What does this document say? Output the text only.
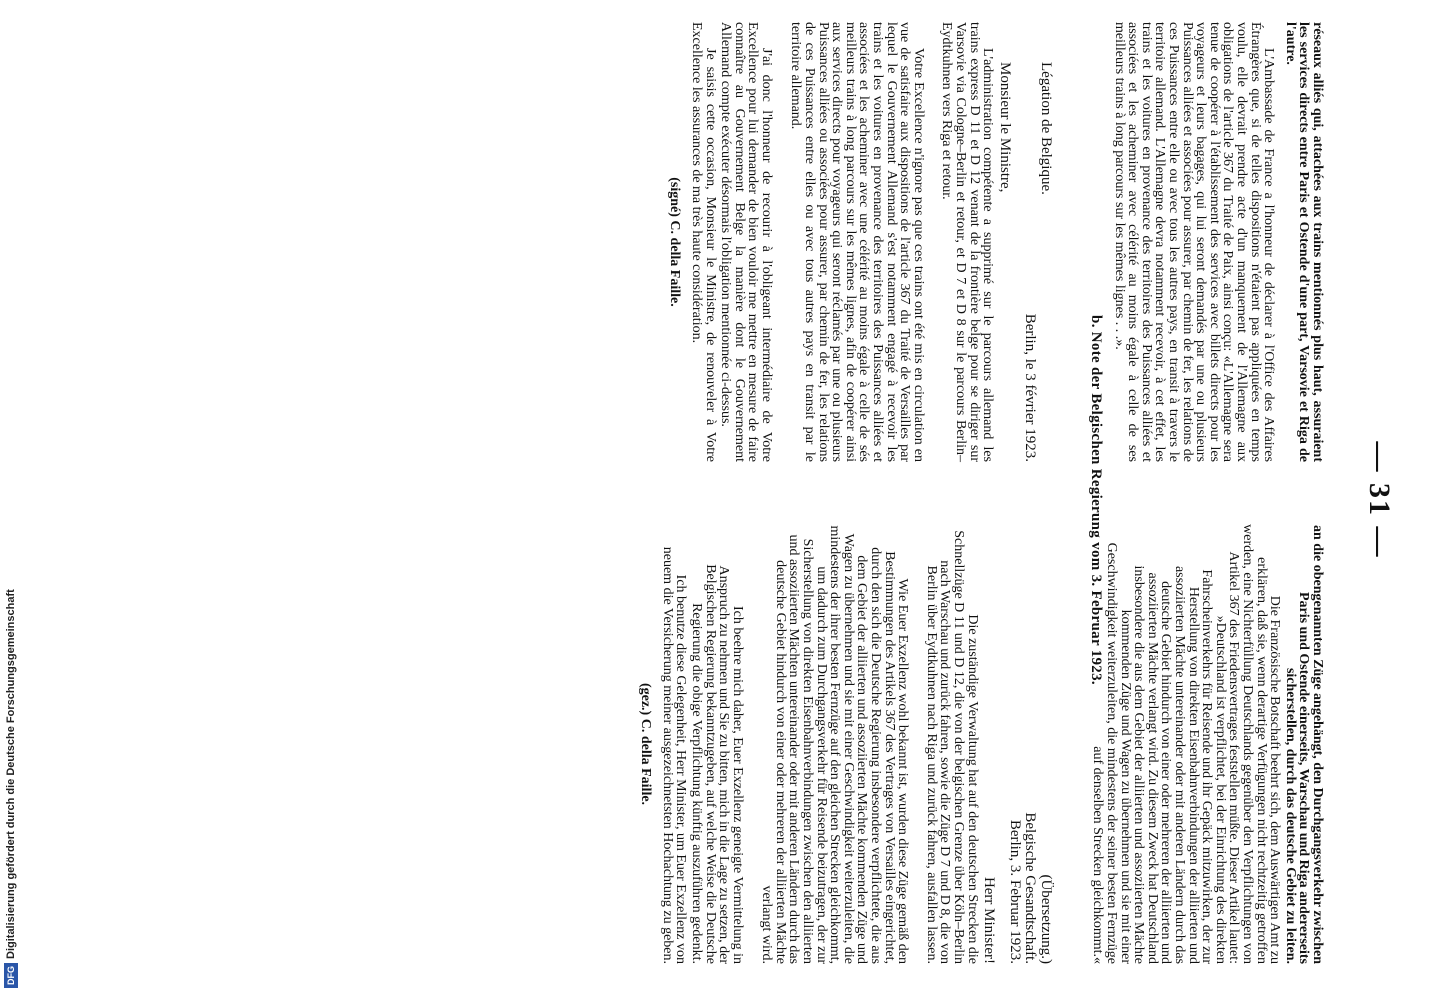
— 31 —

réseaux alliés qui, attachées aux trains mentionnés plus haut, assuraient les services directs entre Paris et Ostende d'une part, Varsovie et Riga de l'autre.

L'Ambassade de France a l'honneur de déclarer à l'Office des Affaires Étrangères que, si de telles dispositions n'étaient pas appliquées en temps voulu, elle devrait prendre acte d'un manquement de l'Allemagne aux obligations de l'article 367 du Traité de Paix, ainsi conçu: «L'Allemagne sera tenue de coopérer à l'établissement des services avec billets directs pour les voyageurs et leurs bagages, qui lui seront demandés par une ou plusieurs Puissances alliées et associées pour assurer, par chemin de fer, les relations de ces Puissances entre elle ou avec tous les autres pays, en transit à travers le territoire allemand. L'Allemagne devra notamment recevoir, à cet effet, les trains et les voitures en provenance des territoires des Puissances alliées et associées et les acheminer avec célérité au moins égale à celle de ses meilleurs trains à long parcours sur les mêmes lignes . . .».

Légation de Belgique.

Berlin, le 3 février 1923.

Monsieur le Ministre,

L'administration compétente a supprimé sur le parcours allemand les trains express D 11 et D 12 venant de la frontière belge pour se diriger sur Varsovie via Cologne–Berlin et retour, et D 7 et D 8 sur le parcours Berlin–Eydtkuhnen vers Riga et retour.

Votre Excellence n'ignore pas que ces trains ont été mis en circulation en vue de satisfaire aux dispositions de l'article 367 du Traité de Versailles par lequel le Gouvernement Allemand s'est notamment engagé à recevoir les trains et les voitures en provenance des territoires des Puissances alliées et associées et les acheminer avec une célérité au moins égale à celle de sés meilleurs trains à long parcours sur les mêmes lignes, afin de coopérer ainsi aux services directs pour voyageurs qui seront réclamés par une ou plusieurs Puissances alliées ou associées pour assurer, par chemin de fer, les relations de ces Puissances entre elles ou avec tous autres pays en transit par le territoire allemand.

J'ai donc l'honneur de recourir à l'obligeant intermédiaire de Votre Excellence pour lui demander de bien vouloir me mettre en mesure de faire connaître au Gouvernement Belge la manière dont le Gouvernement Allemand compte exécuter désormais l'obligation mentionnée ci-dessus.

Je saisis cette occasion, Monsieur le Ministre, de renouveler à Votre Excellence les assurances de ma très haute considération.

(signé) C. della Faille.

an die obengenannten Züge angehängt, den Durchgangsverkehr zwischen Paris und Ostende einerseits, Warschau und Riga andererseits sicherstellen, durch das deutsche Gebiet zu leiten.

Die Französische Botschaft beehrt sich, dem Auswärtigen Amt zu erklären, daß sie, wenn derartige Verfügungen nicht rechtzeitig getroffen werden, eine Nichterfüllung Deutschlands gegenüber den Verpflichtungen von Artikel 367 des Friedensvertrages feststellen müßte. Dieser Artikel lautet: »Deutschland ist verpflichtet, bei der Einrichtung des direkten Fahrscheinverkehrs für Reisende und ihr Gepäck mitzuwirken, der zur Herstellung von direkten Eisenbahnverbindungen der alliierten und assoziierten Mächte untereinander oder mit anderen Ländern durch das deutsche Gebiet hindurch von einer oder mehreren der alliierten und assoziierten Mächte verlangt wird. Zu diesem Zweck hat Deutschland insbesondere die aus dem Gebiet der alliierten und assoziierten Mächte kommenden Züge und Wagen zu übernehmen und sie mit einer Geschwindigkeit weiterzuleiten, die mindestens der seiner besten Fernzüge auf denselben Strecken gleichkommt.«

(Übersetzung.)

Belgische Gesandtschaft.

Berlin, 3. Februar 1923.

Herr Minister!

Die zuständige Verwaltung hat auf den deutschen Strecken die Schnellzüge D 11 und D 12, die von der belgischen Grenze über Köln–Berlin nach Warschau und zurück fahren, sowie die Züge D 7 und D 8, die von Berlin über Eydtkuhnen nach Riga und zurück fahren, ausfallen lassen.

Wie Euer Exzellenz wohl bekannt ist, wurden diese Züge gemäß den Bestimmungen des Artikels 367 des Vertrages von Versailles eingerichtet, durch den sich die Deutsche Regierung insbesondere verpflichtete, die aus dem Gebiet der alliierten und assoziierten Mächte kommenden Züge und Wagen zu übernehmen und sie mit einer Geschwindigkeit weiterzuleiten, die mindestens der ihrer besten Fernzüge auf den gleichen Strecken gleichkommt, um dadurch zum Durchgangsverkehr für Reisende beizutragen, der zur Sicherstellung von direkten Eisenbahnverbindungen zwischen den alliierten und assoziierten Mächten untereinander oder mit anderen Ländern durch das deutsche Gebiet hindurch von einer oder mehreren der alliierten Mächte verlangt wird.

Ich beehre mich daher, Euer Exzellenz geneigte Vermittelung in Anspruch zu nehmen und Sie zu bitten, mich in die Lage zu setzen, der Belgischen Regierung bekanntzugeben, auf welche Weise die Deutsche Regierung die obige Verpflichtung künftig auszuführen gedenkt.

Ich benutze diese Gelegenheit, Herr Minister, um Euer Exzellenz von neuem die Versicherung meiner ausgezeichnetsten Hochachtung zu geben.

(gez.) C. della Faille.

b. Note der Belgischen Regierung vom 3. Februar 1923.
DFGDigitalisierung gefördert durch die Deutsche Forschungsgemeinschaft
